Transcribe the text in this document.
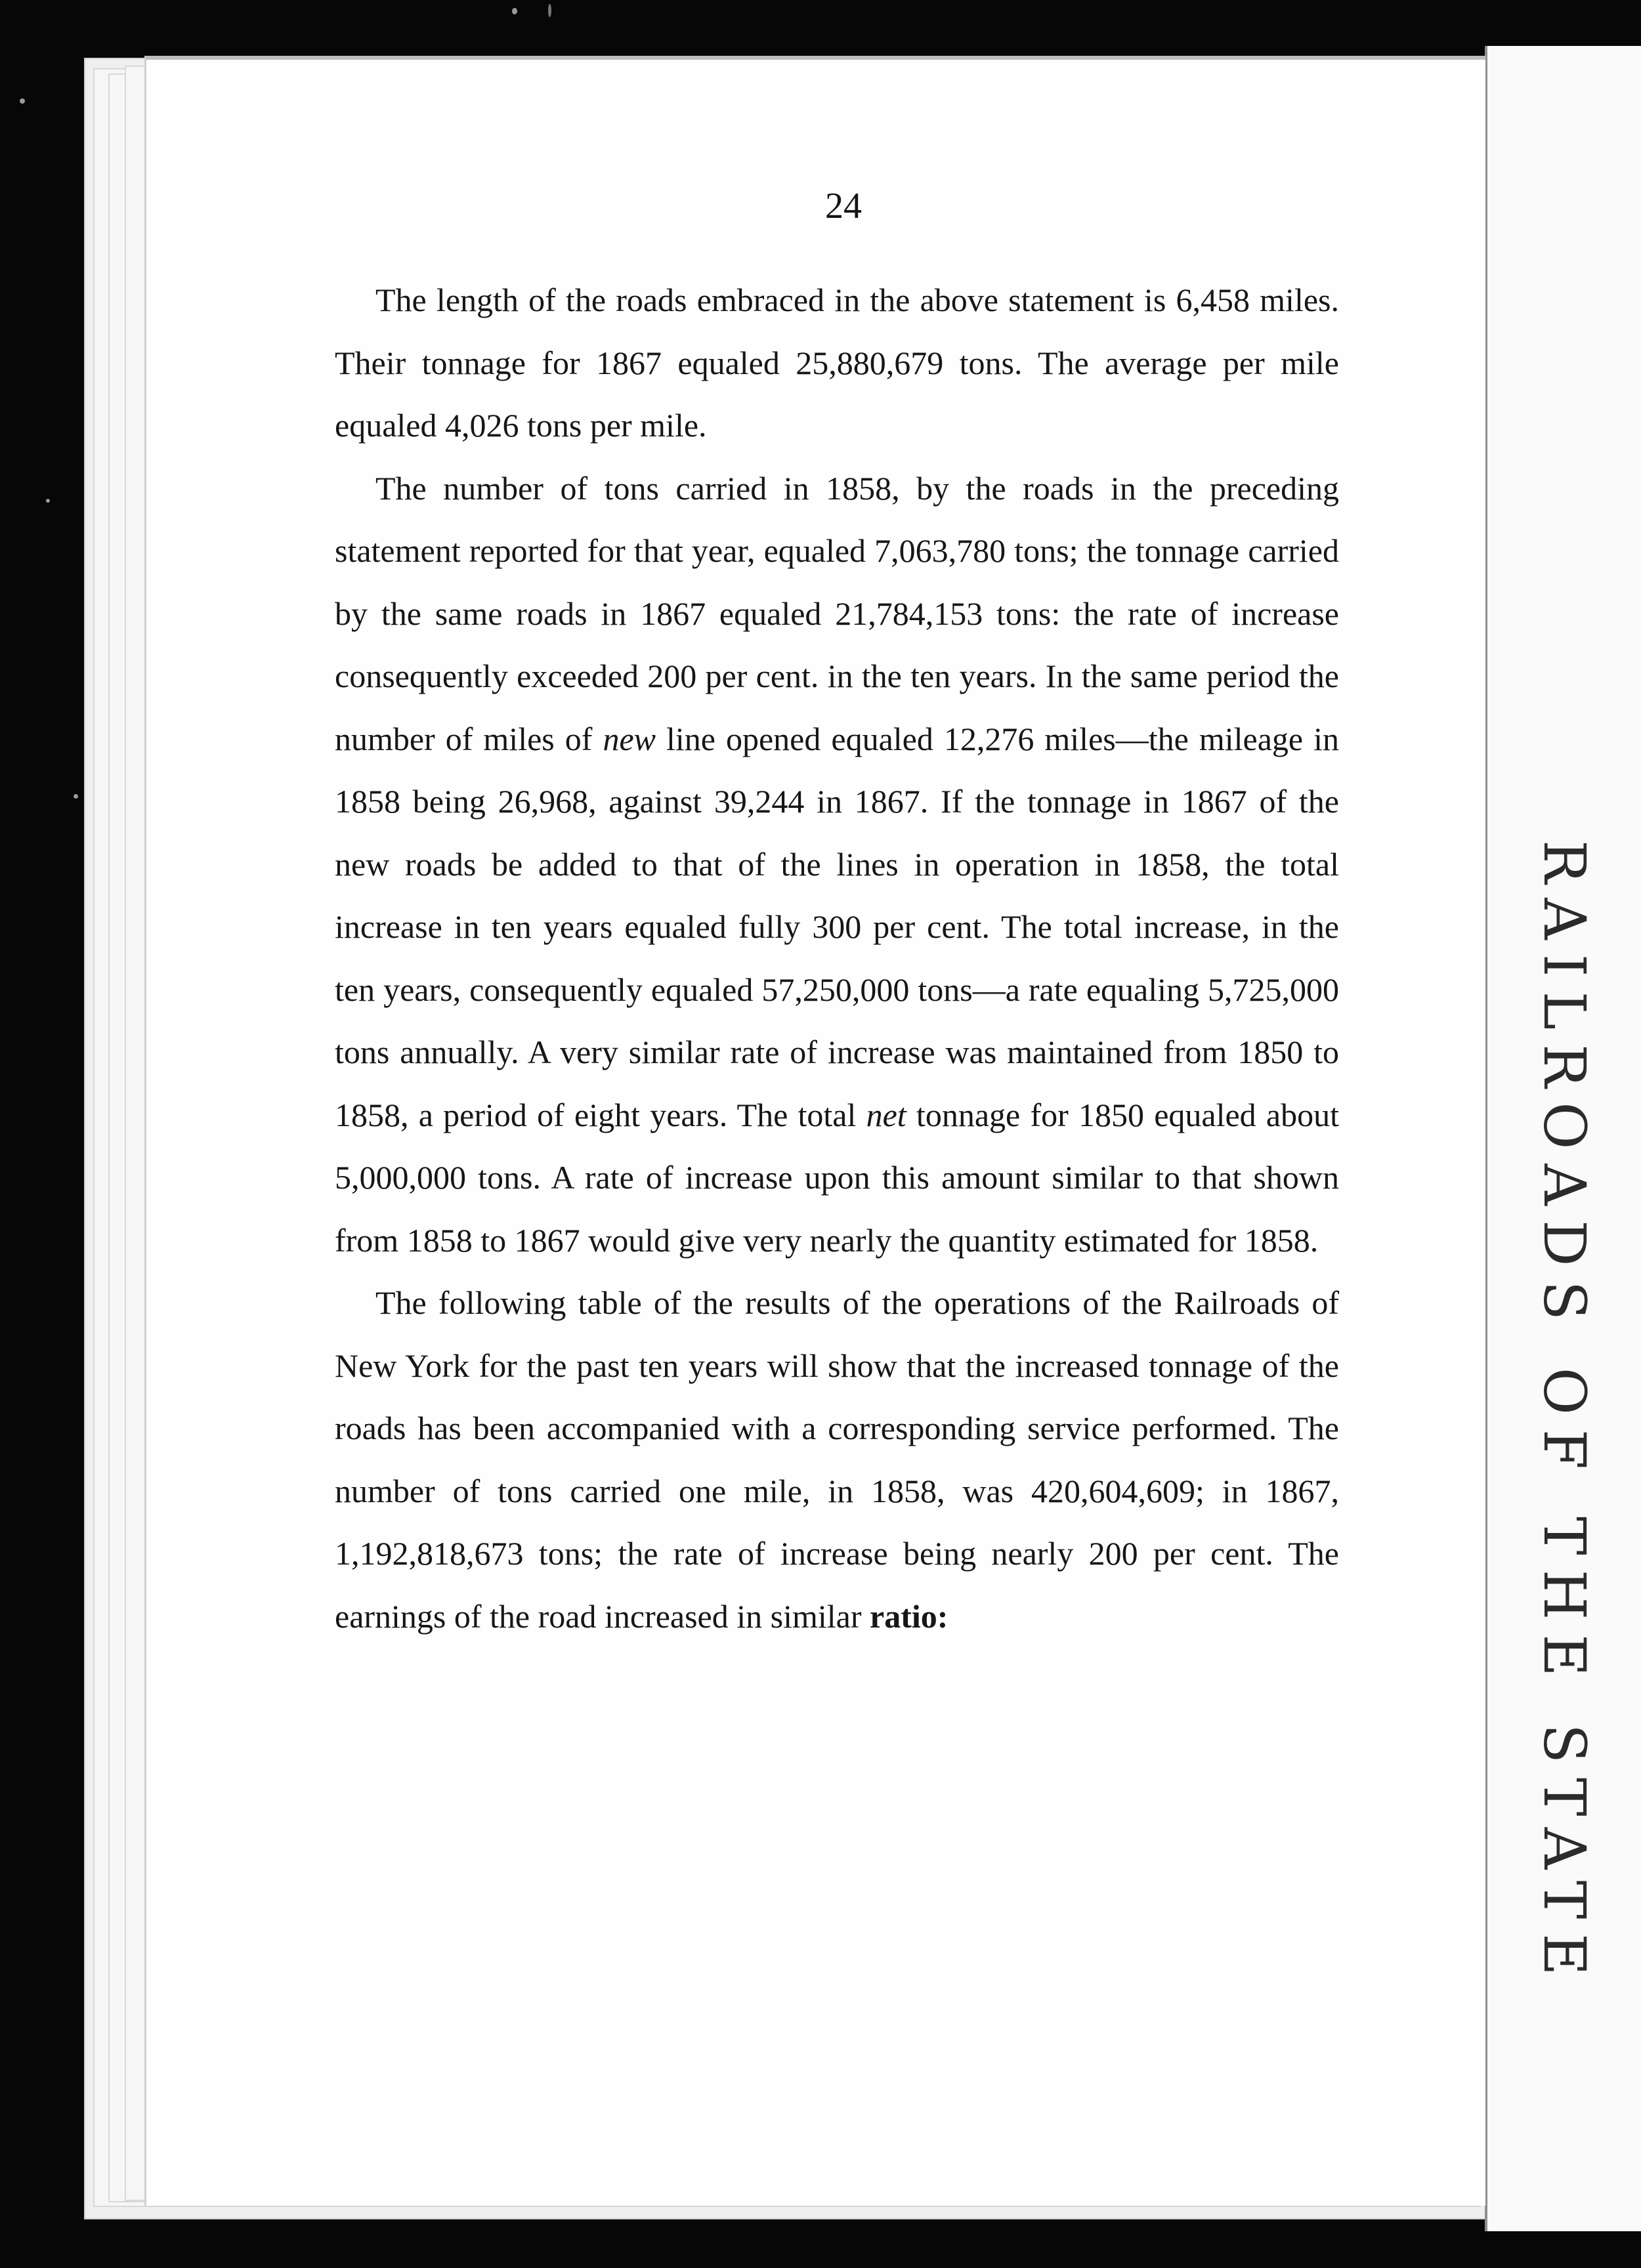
RAILROADS OF THE STATE
24

The length of the roads embraced in the above statement is 6,458 miles. Their tonnage for 1867 equaled 25,880,679 tons. The average per mile equaled 4,026 tons per mile.

The number of tons carried in 1858, by the roads in the preceding statement reported for that year, equaled 7,063,780 tons; the tonnage carried by the same roads in 1867 equaled 21,784,153 tons: the rate of increase consequently exceeded 200 per cent. in the ten years. In the same period the number of miles of new line opened equaled 12,276 miles—the mileage in 1858 being 26,968, against 39,244 in 1867. If the tonnage in 1867 of the new roads be added to that of the lines in operation in 1858, the total increase in ten years equaled fully 300 per cent. The total increase, in the ten years, consequently equaled 57,250,000 tons—a rate equaling 5,725,000 tons annually. A very similar rate of increase was maintained from 1850 to 1858, a period of eight years. The total net tonnage for 1850 equaled about 5,000,000 tons. A rate of increase upon this amount similar to that shown from 1858 to 1867 would give very nearly the quantity estimated for 1858.

The following table of the results of the operations of the Railroads of New York for the past ten years will show that the increased tonnage of the roads has been accompanied with a corresponding service performed. The number of tons carried one mile, in 1858, was 420,604,609; in 1867, 1,192,818,673 tons; the rate of increase being nearly 200 per cent. The earnings of the road increased in similar ratio:
